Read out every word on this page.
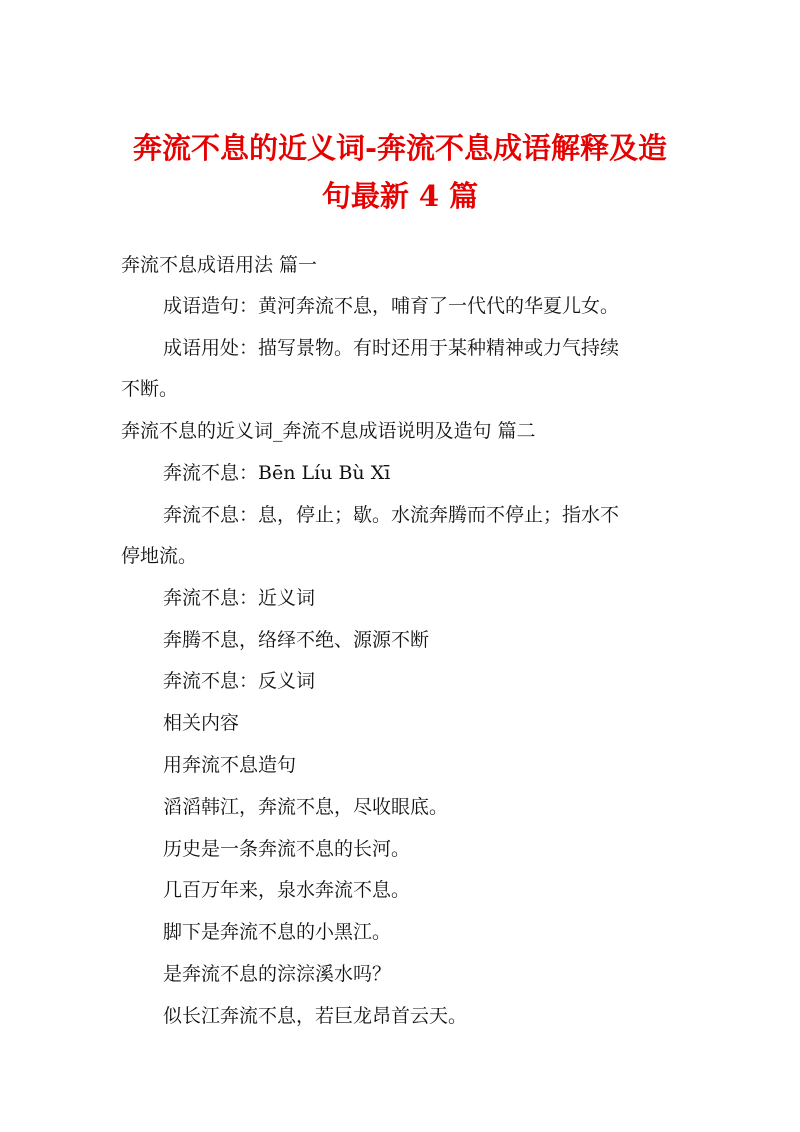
奔流不息的近义词-奔流不息成语解释及造
句最新 4 篇
奔流不息成语用法 篇一
成语造句：黄河奔流不息，哺育了一代代的华夏儿女。
成语用处：描写景物。有时还用于某种精神或力气持续
不断。
奔流不息的近义词_奔流不息成语说明及造句 篇二
奔流不息：Bēn Líu Bù Xī
奔流不息：息，停止；歇。水流奔腾而不停止；指水不
停地流。
奔流不息：近义词
奔腾不息，络绎不绝、源源不断
奔流不息：反义词
相关内容
用奔流不息造句
滔滔韩江，奔流不息，尽收眼底。
历史是一条奔流不息的长河。
几百万年来，泉水奔流不息。
脚下是奔流不息的小黑江。
是奔流不息的淙淙溪水吗？
似长江奔流不息，若巨龙昂首云天。
